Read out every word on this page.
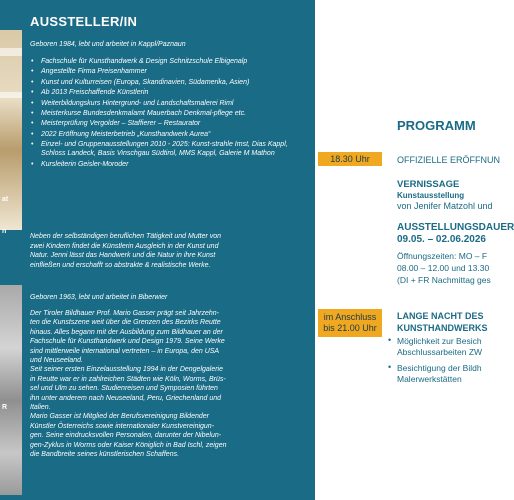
at
n
R
AUSSTELLER/IN
Geboren 1984, lebt und arbeitet in Kappl/Paznaun
• Fachschule für Kunsthandwerk & Design Schnitzschule Elbigenalp
• Angestellte Firma Preisenhammer
• Kunst und Kulturreisen (Europa, Skandinavien, Südamerika, Asien)
• Ab 2013 Freischaffende Künstlerin
• Weiterbildungskurs Hintergrund- und Landschaftsmalerei Riml
• Meisterkurse Bundesdenkmalamt Mauerbach Denkmal-pflege etc.
• Meisterprüfung Vergolder – Staffierer – Restaurator
• 2022 Eröffnung Meisterbetrieb „Kunsthandwerk Aurea“
• Einzel- und Gruppenausstellungen 2010 - 2025: Kunst-strahle Imst, Dias Kappl, Schloss Landeck, Basis Vinschgau Südtirol, MMS Kappl, Galerie M Mathon
• Kursleiterin Geisler-Moroder
Neben der selbständigen beruflichen Tätigkeit und Mutter von
zwei Kindern findet die Künstlerin Ausgleich in der Kunst und
Natur. Jenni lässt das Handwerk und die Natur in ihre Kunst
einfließen und erschafft so abstrakte & realistische Werke.
Geboren 1963, lebt und arbeitet in Biberwier
Der Tiroler Bildhauer Prof. Mario Gasser prägt seit Jahrzehn-
ten die Kunstszene weit über die Grenzen des Bezirks Reutte
hinaus. Alles begann mit der Ausbildung zum Bildhauer an der
Fachschule für Kunsthandwerk und Design 1979. Seine Werke
sind mittlerweile international vertreten – in Europa, den USA
und Neuseeland.
Seit seiner ersten Einzelausstellung 1994 in der Dengelgalerie
in Reutte war er in zahlreichen Städten wie Köln, Worms, Brüs-
sel und Ulm zu sehen. Studienreisen und Symposien führten
ihn unter anderem nach Neuseeland, Peru, Griechenland und
Italien.
Mario Gasser ist Mitglied der Berufsvereinigung Bildender
Künstler Österreichs sowie internationaler Kunstvereinigun-
gen. Seine eindrucksvollen Personalen, darunter der Nibelun-
gen-Zyklus in Worms oder Kaiser Königlich in Bad Ischl, zeigen
die Bandbreite seines künstlerischen Schaffens.
PROGRAMM
18.30 Uhr
im Anschluss
bis 21.00 Uhr
OFFIZIELLE ERÖFFNUN
VERNISSAGE
Kunstausstellung
von Jenifer Matzohl und
AUSSTELLUNGSDAUER
09.05. – 02.06.2026
Öffnungszeiten: MO – F
08.00 – 12.00 und 13.30
(DI + FR Nachmittag ges
LANGE NACHT DES
KUNSTHANDWERKS
• Möglichkeit zur Besich
Abschlussarbeiten ZW
• Besichtigung der Bildh
Malerwerkstätten
